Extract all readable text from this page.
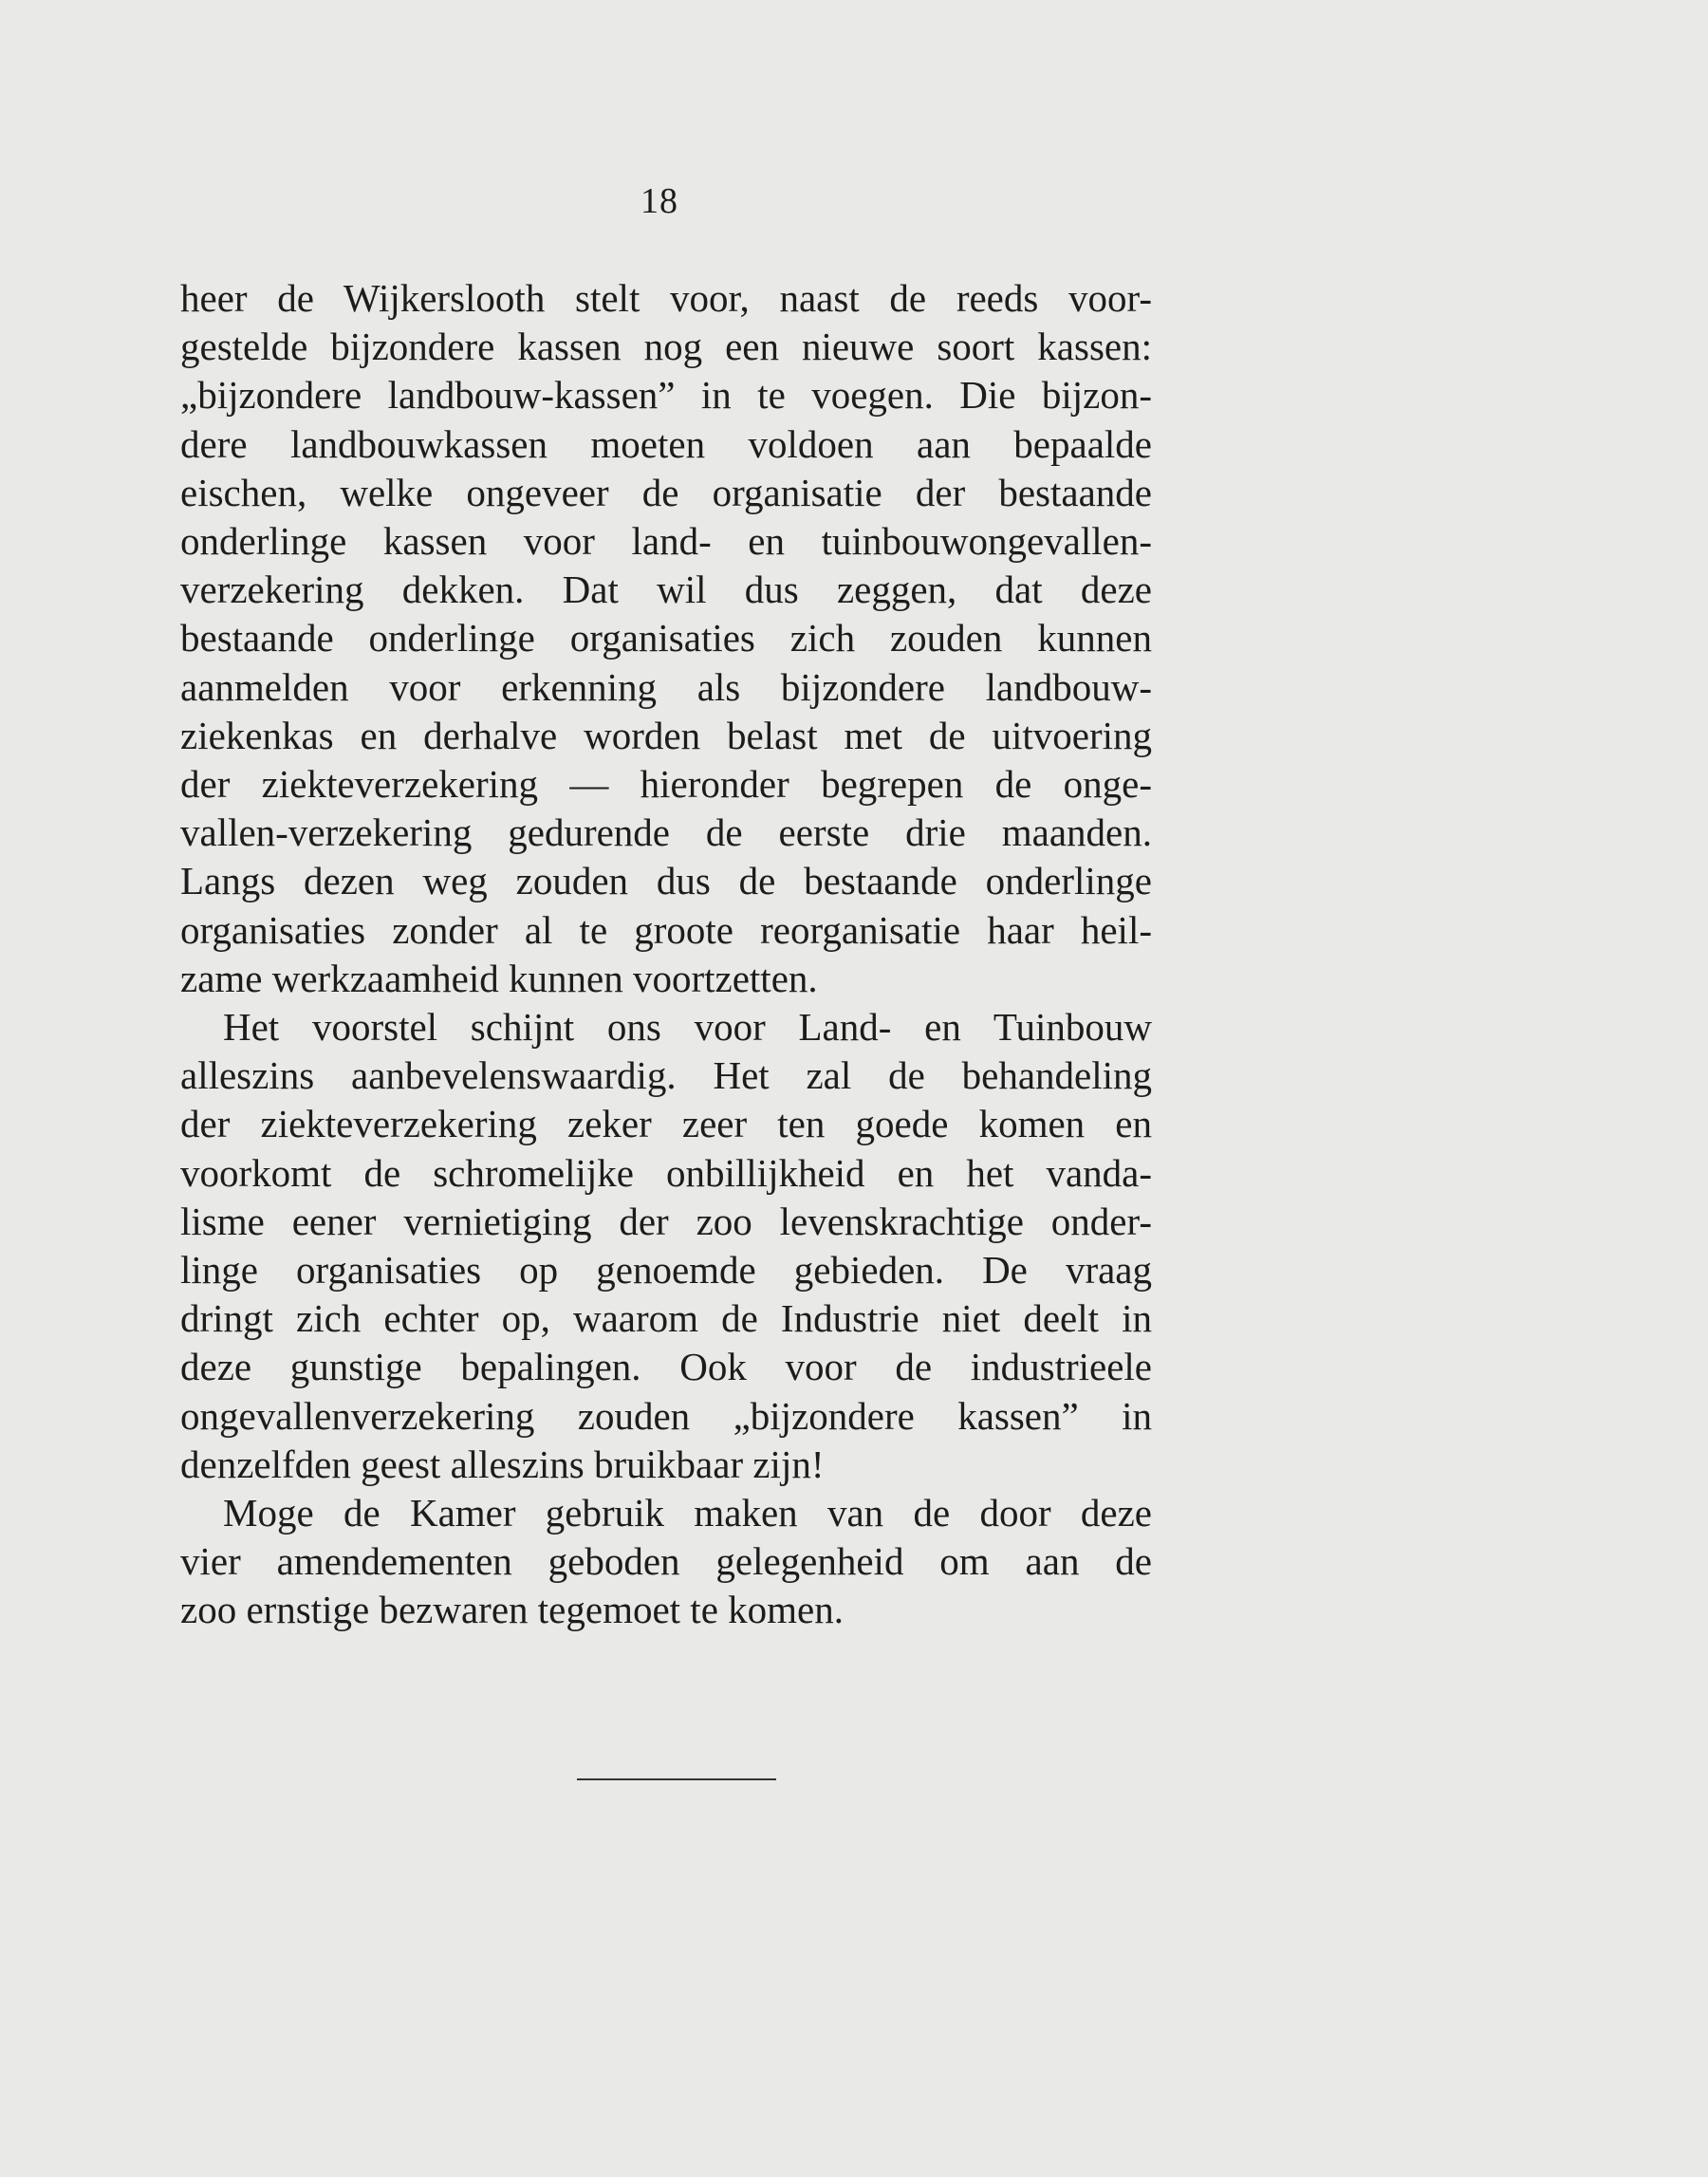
18

heer de Wijkerslooth stelt voor, naast de reeds voor-
gestelde bijzondere kassen nog een nieuwe soort kassen:
„bijzondere landbouw-kassen” in te voegen. Die bijzon-
dere landbouwkassen moeten voldoen aan bepaalde
eischen, welke ongeveer de organisatie der bestaande
onderlinge kassen voor land- en tuinbouwongevallen-
verzekering dekken. Dat wil dus zeggen, dat deze
bestaande onderlinge organisaties zich zouden kunnen
aanmelden voor erkenning als bijzondere landbouw-
ziekenkas en derhalve worden belast met de uitvoering
der ziekteverzekering — hieronder begrepen de onge-
vallen-verzekering gedurende de eerste drie maanden.
Langs dezen weg zouden dus de bestaande onderlinge
organisaties zonder al te groote reorganisatie haar heil-
zame werkzaamheid kunnen voortzetten.

Het voorstel schijnt ons voor Land- en Tuinbouw
alleszins aanbevelenswaardig. Het zal de behandeling
der ziekteverzekering zeker zeer ten goede komen en
voorkomt de schromelijke onbillijkheid en het vanda-
lisme eener vernietiging der zoo levenskrachtige onder-
linge organisaties op genoemde gebieden. De vraag
dringt zich echter op, waarom de Industrie niet deelt in
deze gunstige bepalingen. Ook voor de industrieele
ongevallenverzekering zouden „bijzondere kassen” in
denzelfden geest alleszins bruikbaar zijn!

Moge de Kamer gebruik maken van de door deze
vier amendementen geboden gelegenheid om aan de
zoo ernstige bezwaren tegemoet te komen.
